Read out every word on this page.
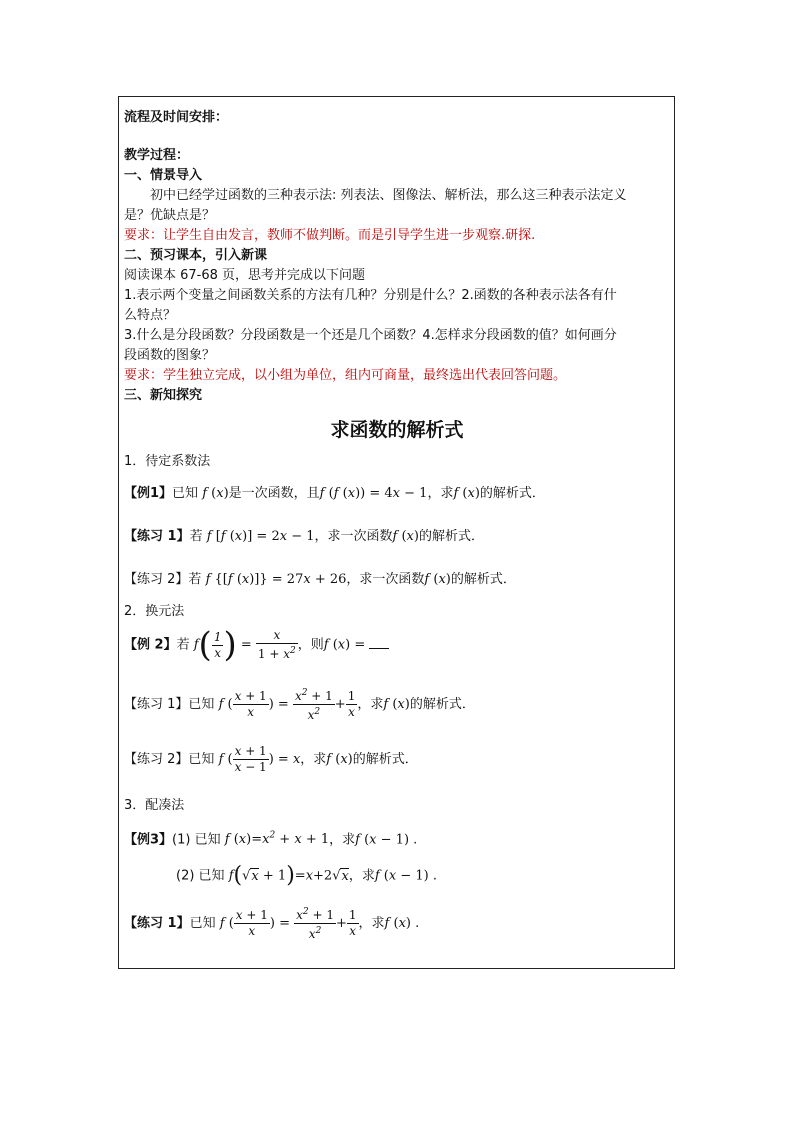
流程及时间安排：
教学过程：
一、情景导入
初中已经学过函数的三种表示法: 列表法、图像法、解析法，那么这三种表示法定义
是？优缺点是？
要求：让学生自由发言，教师不做判断。而是引导学生进一步观察.研探.
二、预习课本，引入新课
阅读课本 67-68 页，思考并完成以下问题
1.表示两个变量之间函数关系的方法有几种？分别是什么？2.函数的各种表示法各有什
么特点？
3.什么是分段函数？分段函数是一个还是几个函数？4.怎样求分段函数的值？如何画分
段函数的图象？
要求：学生独立完成，以小组为单位，组内可商量，最终选出代表回答问题。
三、新知探究
求函数的解析式
1．待定系数法
【例1】已知 f (x)是一次函数，且f (f (x)) = 4x − 1，求f (x)的解析式．
【练习 1】若 f [f (x)] = 2x − 1，求一次函数f (x)的解析式．
【练习 2】若 f {[f (x)]} = 27x + 26，求一次函数f (x)的解析式．
2．换元法
【例 2】若 $f( \frac{1}{x}$ ) = $\frac{x}{1 + x^2}$ ，则f (x) =
【练习 1】已知 f ( $\frac{x + 1}{x}$ ) = $\frac{x^2 + 1}{x^2} + \frac{1}{x}$ ，求f (x)的解析式．
【练习 2】已知 f ( $\frac{x + 1}{x - 1}$ ) = x，求f (x)的解析式．
3．配凑法
【例3】(1) 已知 f $(x)=x^2 + x + 1$，求f (x − 1) .
(2) 已知 f(√x + 1)=x+2√x，求f (x − 1) .
【练习 1】已知 f ( $\frac{x + 1}{x}$ ) = $\frac{x^2 + 1}{x^2} + \frac{1}{x}$ ，求f (x) .
